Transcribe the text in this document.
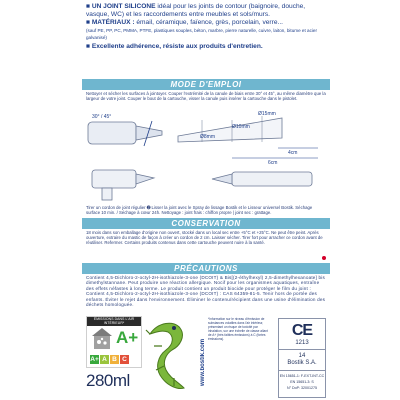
■ UN JOINT SILICONE idéal pour les joints de contour (baignoire, douche, vasque, WC) et les raccordements entre meubles et sols/murs.

■ MATÉRIAUX : émail, céramique, faïence, grès, porcelain, verre...
(sauf PE, PP, PC, PMMA, PTFE, plastiques souples, béton, marbre, pierre naturelle, cuivre, laiton, bitume et acier galvanisé)

■ Excellente adhérence, résiste aux produits d'entretien.

MODE D'EMPLOI
Nettoyer et sécher les surfaces à jointoyer. Couper l'extrémité de la canule de biais entre 30° et 45°, au même diamètre que la largeur de votre joint. Couper le bout de la cartouche, visser la canule puis insérer la cartouche dans le pistolet.
30° / 45°	Ø15mm
Ø10mm
Ø8mm
4cm
6cm
Tirer un cordon de joint régulier ➋ Lisser la joint avec le Spray de lissage Bostik et le Lisseur universel Bostik. Séchage surface 10 min. / Séchage à cœur 24h. Nettoyage : joint frais : chiffon propre | joint sec : grattage.
CONSERVATION
18 mois dans son emballage d'origine non ouvert, stocké dans un local sec entre +5°C et +25°C. Ne peut être peint. Après ouverture, extraire du mastic de façon à créer un cordon de 2 cm. Laisser sécher. Tirer fort pour arracher ce cordon avant de réutiliser. Refermer. Certains produits contenus dans cette cartouche peuvent nuire à la santé.
PRÉCAUTIONS
Contient 4,5-Dichloro-2-octyl-2H-isothiazole-3-one (DCOIT) & Bis[(2-éthylhexyl) 2,5-dimethylhexanoate] bis dimethylstannane. Peut produire une réaction allergique. Nocif pour les organismes aquatiques, entraîne des effets néfastes à long terme. Le produit contient un produit biocide pour protéger le film du joint : Contient 4,5-Dichloro-2-octyl-2H-isothiazole-3-one (DCOIT) : CAS 64359-81-5. Tenir hors de portée des enfants. Éviter le rejet dans l'environnement. Éliminer le contenu/récipient dans une usine d'élimination des déchets homologuée.
ÉMISSIONS DANS L'AIR INTÉRIEUR*
A+
A+ A B C
280ml	www.bostik.com
*Information sur le niveau d'émission de substances volatiles dans l'air intérieur, présentant un risque de toxicité par inhalation, sur une échelle de classe allant de A+ (très faibles émissions) à C (fortes émissions).	CE
1213
14
Bostik S.A.
EN 15651-1: F-EXT-INT-CC
EN 15651-3: S
N° DoP: 32001275
